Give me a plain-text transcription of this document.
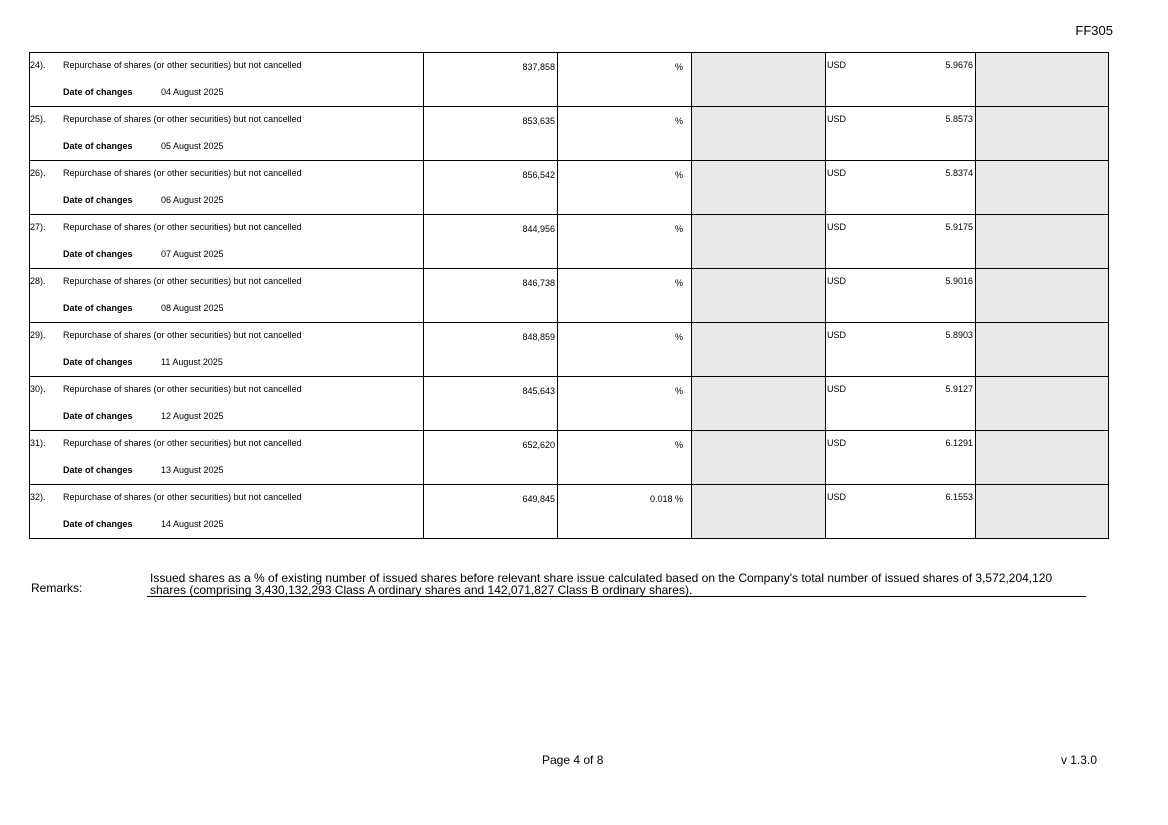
FF305
24). Repurchase of shares (or other securities) but not cancelled
Date of changes 04 August 2025	837,858	%		USD 5.9676	

25). Repurchase of shares (or other securities) but not cancelled
Date of changes 05 August 2025	853,635	%		USD 5.8573	

26). Repurchase of shares (or other securities) but not cancelled
Date of changes 06 August 2025	856,542	%		USD 5.8374	

27). Repurchase of shares (or other securities) but not cancelled
Date of changes 07 August 2025	844,956	%		USD 5.9175	

28). Repurchase of shares (or other securities) but not cancelled
Date of changes 08 August 2025	846,738	%		USD 5.9016	

29). Repurchase of shares (or other securities) but not cancelled
Date of changes 11 August 2025	848,859	%		USD 5.8903	

30). Repurchase of shares (or other securities) but not cancelled
Date of changes 12 August 2025	845,643	%		USD 5.9127	

31). Repurchase of shares (or other securities) but not cancelled
Date of changes 13 August 2025	652,620	%		USD 6.1291	

32). Repurchase of shares (or other securities) but not cancelled
Date of changes 14 August 2025	649,845	0.018 %		USD 6.1553	

Remarks:
Issued shares as a % of existing number of issued shares before relevant share issue calculated based on the Company's total number of issued shares of 3,572,204,120 shares (comprising 3,430,132,293 Class A ordinary shares and 142,071,827 Class B ordinary shares).
Page 4 of 8	v 1.3.0
